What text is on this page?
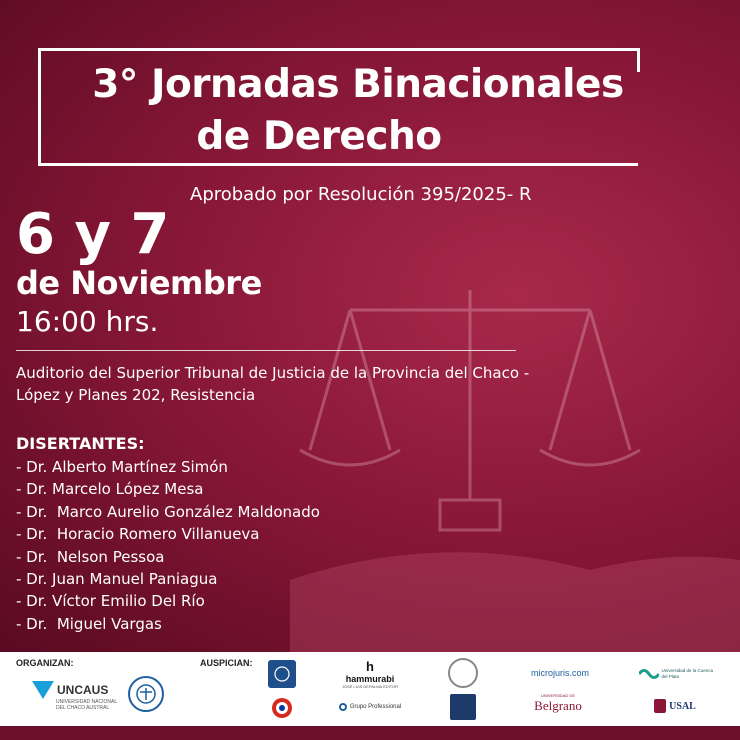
3° Jornadas Binacionales
de Derecho
Aprobado por Resolución 395/2025- R
6 y 7
de Noviembre
16:00 hrs.
Auditorio del Superior Tribunal de Justicia de la Provincia del Chaco -
López y Planes 202, Resistencia
DISERTANTES:
- Dr. Alberto Martínez Simón
- Dr. Marcelo López Mesa
- Dr.  Marco Aurelio González Maldonado
- Dr.  Horacio Romero Villanueva
- Dr.  Nelson Pessoa
- Dr. Juan Manuel Paniagua
- Dr. Víctor Emilio Del Río
- Dr.  Miguel Vargas
ORGANIZAN:	AUSPICIAN:
UNCAUS
UNIVERSIDAD NACIONAL DEL CHACO AUSTRAL
h
hammurabi
JOSÉ LUIS DEPALMA EDITOR
Grupo Professional
microjuris.com
UNIVERSIDAD DE
Belgrano
Universidad de la Cuenca del Plata
USAL
